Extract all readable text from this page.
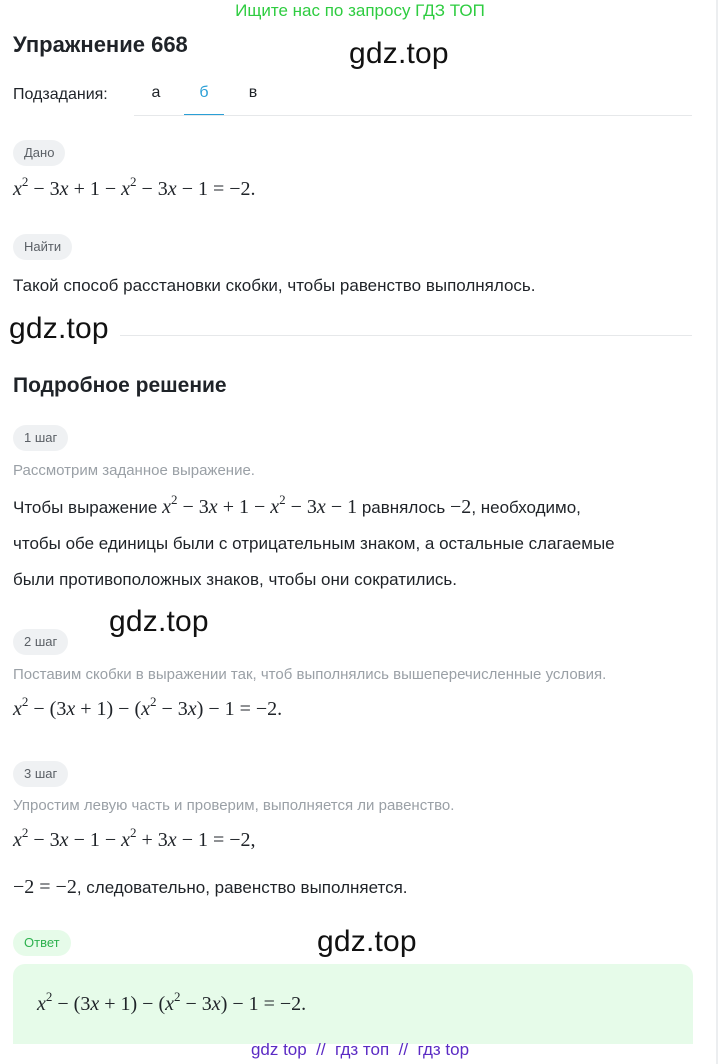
Ищите нас по запросу ГДЗ ТОП
Упражнение 668	gdz.top
Подзадания:	а	б	в
Дано
$x^2 - 3x + 1 - x^2 - 3x - 1 = -2$.
Найти
Такой способ расстановки скобки, чтобы равенство выполнялось.
gdz.top
Подробное решение
1 шаг
Рассмотрим заданное выражение.
Чтобы выражение $x^2 - 3x + 1 - x^2 - 3x - 1$ равнялось −2, необходимо,
чтобы обе единицы были с отрицательным знаком, а остальные слагаемые
были противоположных знаков, чтобы они сократились.
gdz.top
2 шаг
Поставим скобки в выражении так, чтоб выполнялись вышеперечисленные условия.
$x^2 - (3x + 1) - (x^2 - 3x) - 1 = -2$.
3 шаг
Упростим левую часть и проверим, выполняется ли равенство.
$x^2 - 3x - 1 - x^2 + 3x - 1 = -2$,
−2 = −2, следовательно, равенство выполняется.
Ответ	gdz.top
$x^2 - (3x + 1) - (x^2 - 3x) - 1 = -2$.
gdz top  //  гдз топ  //  гдз top
